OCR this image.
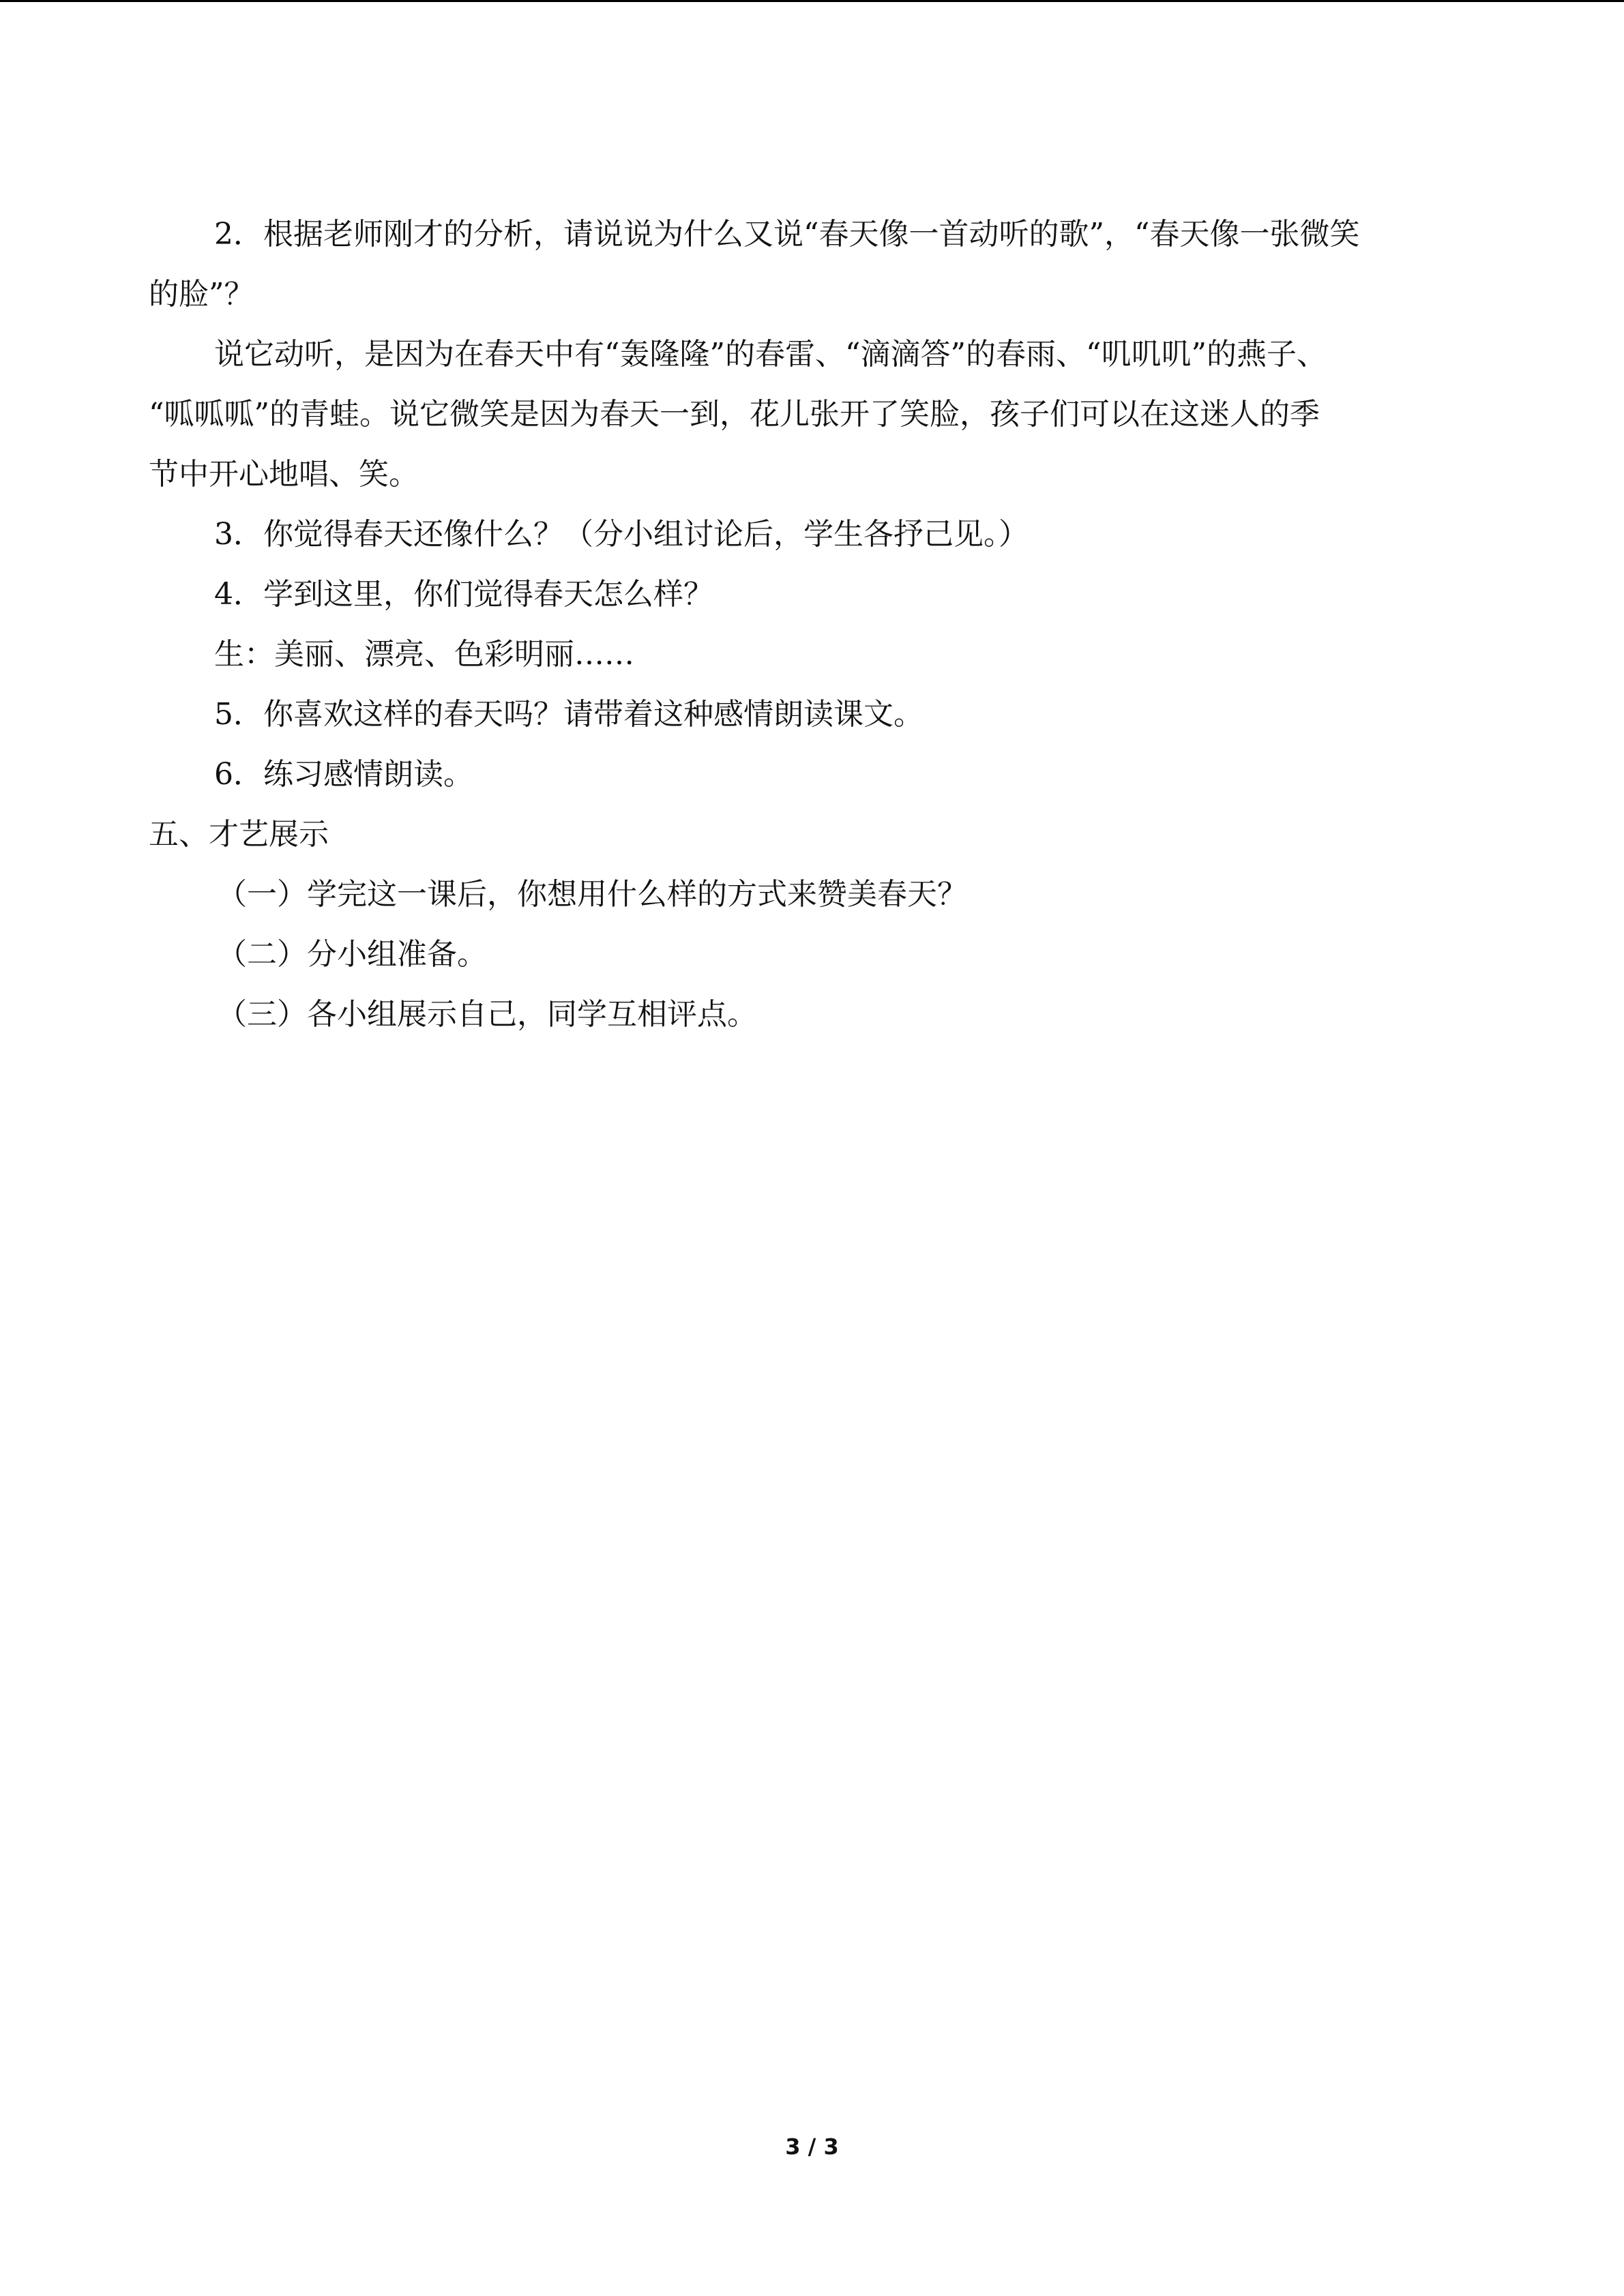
2．根据老师刚才的分析，请说说为什么又说“春天像一首动听的歌”，“春天像一张微笑
的脸”？
说它动听，是因为在春天中有“轰隆隆”的春雷、“滴滴答”的春雨、“叽叽叽”的燕子、
“呱呱呱”的青蛙。说它微笑是因为春天一到，花儿张开了笑脸，孩子们可以在这迷人的季
节中开心地唱、笑。
3．你觉得春天还像什么？（分小组讨论后，学生各抒己见。）
4．学到这里，你们觉得春天怎么样？
生：美丽、漂亮、色彩明丽……
5．你喜欢这样的春天吗？请带着这种感情朗读课文。
6．练习感情朗读。
五、才艺展示
（一）学完这一课后，你想用什么样的方式来赞美春天？
（二）分小组准备。
（三）各小组展示自己，同学互相评点。
3 / 3
